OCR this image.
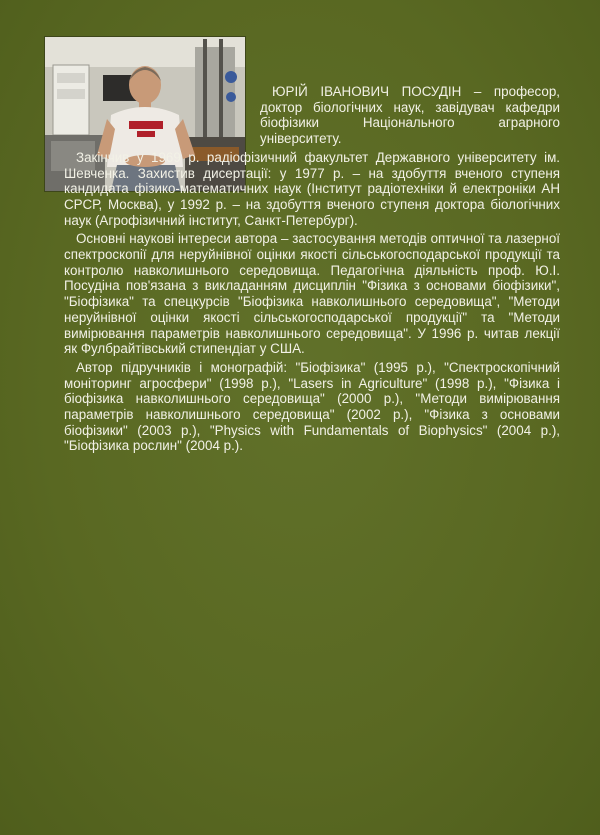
ЮРІЙ ІВАНОВИЧ ПОСУДІН – професор, доктор біологічних наук, завідувач кафедри біофізики Національного аграрного університету.

Закінчив у 1969 р. радіофізичний факультет Державного університету ім. Шевченка. Захистив дисертації: у 1977 р. – на здобуття вченого ступеня кандидата фізико-математичних наук (Інститут радіотехніки й електроніки АН СРСР, Москва), у 1992 р. – на здобуття вченого ступеня доктора біологічних наук (Агрофізичний інститут, Санкт-Петербург).

Основні наукові інтереси автора – застосування методів оптичної та лазерної спектроскопії для неруйнівної оцінки якості сільськогосподарської продукції та контролю навколишнього середовища. Педагогічна діяльність проф. Ю.І. Посудіна пов'язана з викладанням дисциплін "Фізика з основами біофізики", "Біофізика" та спецкурсів "Біофізика навколишнього середовища", "Методи неруйнівної оцінки якості сільськогосподарської продукції" та "Методи вимірювання параметрів навколишнього середовища". У 1996 р. читав лекції як Фулбрайтівський стипендіат у США.

Автор підручників і монографій: "Біофізика" (1995 р.), "Спектроскопічний моніторинг агросфери" (1998 р.), "Lasers in Agriculture" (1998 р.), "Фізика і біофізика навколишнього середовища" (2000 р.), "Методи вимірювання параметрів навколишнього середовища" (2002 р.), "Фізика з основами біофізики" (2003 р.), "Physics with Fundamentals of Biophysics" (2004 р.), "Біофізика рослин" (2004 р.).
